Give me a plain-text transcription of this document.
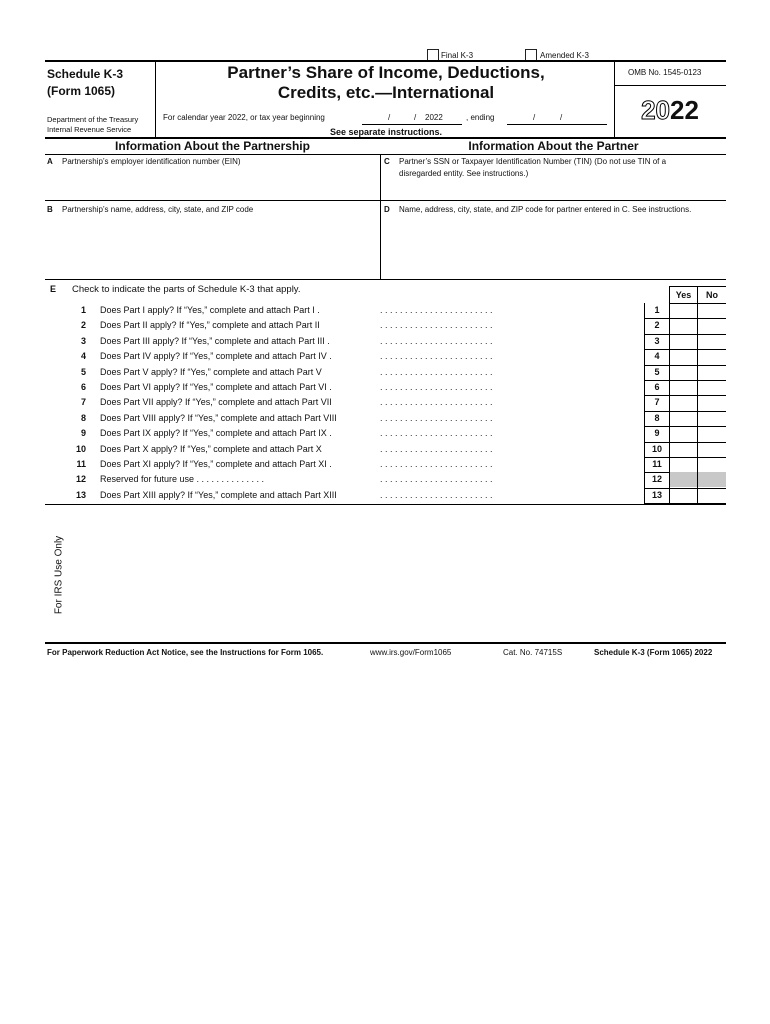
Final K-3	Amended K-3
Schedule K-3
(Form 1065)
Department of the Treasury
Internal Revenue Service
Partner’s Share of Income, Deductions,
Credits, etc.—International
For calendar year 2022, or tax year beginning	/	/ 2022	, ending	/	/
See separate instructions.
OMB No. 1545-0123
2022
Information About the Partnership	Information About the Partner
A Partnership’s employer identification number (EIN)	C Partner’s SSN or Taxpayer Identification Number (TIN) (Do not use TIN of a
disregarded entity. See instructions.)
B Partnership’s name, address, city, state, and ZIP code	D Name, address, city, state, and ZIP code for partner entered in C. See instructions.
E Check to indicate the parts of Schedule K-3 that apply.	Yes	No
1 Does Part I apply? If “Yes,” complete and attach Part I .	. . . . . . . . . . . . . . . . . . . . . . .	1
2 Does Part II apply? If “Yes,” complete and attach Part II	. . . . . . . . . . . . . . . . . . . . . . .	2
3 Does Part III apply? If “Yes,” complete and attach Part III .	. . . . . . . . . . . . . . . . . . . . . . .	3
4 Does Part IV apply? If “Yes,” complete and attach Part IV .	. . . . . . . . . . . . . . . . . . . . . . .	4
5 Does Part V apply? If “Yes,” complete and attach Part V	. . . . . . . . . . . . . . . . . . . . . . .	5
6 Does Part VI apply? If “Yes,” complete and attach Part VI .	. . . . . . . . . . . . . . . . . . . . . . .	6
7 Does Part VII apply? If “Yes,” complete and attach Part VII	. . . . . . . . . . . . . . . . . . . . . . .	7
8 Does Part VIII apply? If “Yes,” complete and attach Part VIII	. . . . . . . . . . . . . . . . . . . . . . .	8
9 Does Part IX apply? If “Yes,” complete and attach Part IX .	. . . . . . . . . . . . . . . . . . . . . . .	9
10 Does Part X apply? If “Yes,” complete and attach Part X	. . . . . . . . . . . . . . . . . . . . . . .	10
11 Does Part XI apply? If “Yes,” complete and attach Part XI .	. . . . . . . . . . . . . . . . . . . . . . .	11
12 Reserved for future use . . . . . . . . . . . . . .	. . . . . . . . . . . . . . . . . . . . . . .	12
13 Does Part XIII apply? If “Yes,” complete and attach Part XIII	. . . . . . . . . . . . . . . . . . . . . . .	13
For IRS Use Only
For Paperwork Reduction Act Notice, see the Instructions for Form 1065.	www.irs.gov/Form1065	Cat. No. 74715S	Schedule K-3 (Form 1065) 2022
